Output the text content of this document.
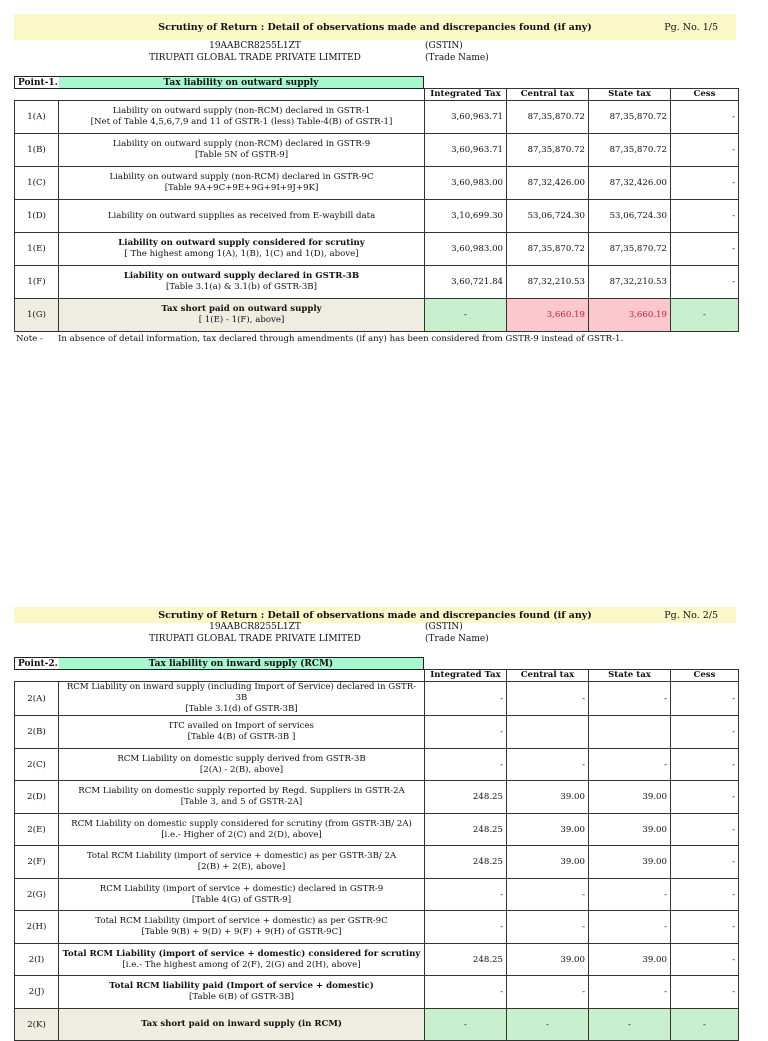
Scrutiny of Return : Detail of observations made and discrepancies found (if any)	Pg. No. 1/5
19AABCR8255L1ZT
TIRUPATI GLOBAL TRADE PRIVATE LIMITED
(GSTIN)
(Trade Name)
Point-1.	Tax liability on outward supply
		Integrated Tax	Central tax	State tax	Cess
1(A)	Liability on outward supply (non-RCM) declared in GSTR-1
[Net of Table 4,5,6,7,9 and 11 of GSTR-1 (less) Table-4(B) of GSTR-1]	3,60,963.71	87,35,870.72	87,35,870.72	-
1(B)	Liability on outward supply (non-RCM) declared in GSTR-9
[Table 5N of GSTR-9]	3,60,963.71	87,35,870.72	87,35,870.72	-
1(C)	Liability on outward supply (non-RCM) declared in GSTR-9C
[Table 9A+9C+9E+9G+9I+9J+9K]	3,60,983.00	87,32,426.00	87,32,426.00	-
1(D)	Liability on outward supplies as received from E-waybill data	3,10,699.30	53,06,724.30	53,06,724.30	-
1(E)	Liability on outward supply considered for scrutiny
[ The highest among 1(A), 1(B), 1(C) and 1(D), above]	3,60,983.00	87,35,870.72	87,35,870.72	-
1(F)	Liability on outward supply declared in GSTR-3B
[Table 3.1(a) & 3.1(b) of GSTR-3B]	3,60,721.84	87,32,210.53	87,32,210.53	-
1(G)	Tax short paid on outward supply
[ 1(E) - 1(F), above]	-	3,660.19	3,660.19	-
Note - In absence of detail information, tax declared through amendments (if any) has been considered from GSTR-9 instead of GSTR-1.
Scrutiny of Return : Detail of observations made and discrepancies found (if any)	Pg. No. 2/5
19AABCR8255L1ZT
TIRUPATI GLOBAL TRADE PRIVATE LIMITED
(GSTIN)
(Trade Name)
Point-2.	Tax liability on inward supply (RCM)
		Integrated Tax	Central tax	State tax	Cess
2(A)	RCM Liability on inward supply (including Import of Service) declared in GSTR-3B
[Table 3.1(d) of GSTR-3B]	-	-	-	-
2(B)	ITC availed on Import of services
[Table 4(B) of GSTR-3B ]	-			-
2(C)	RCM Liability on domestic supply derived from GSTR-3B
[2(A) - 2(B), above]	-	-	-	-
2(D)	RCM Liability on domestic supply reported by Regd. Suppliers in GSTR-2A
[Table 3, and 5 of GSTR-2A]	248.25	39.00	39.00	-
2(E)	RCM Liability on domestic supply considered for scrutiny (from GSTR-3B/ 2A)
[i.e.- Higher of 2(C) and 2(D), above]	248.25	39.00	39.00	-
2(F)	Total RCM Liability (import of service + domestic) as per GSTR-3B/ 2A
[2(B) + 2(E), above]	248.25	39.00	39.00	-
2(G)	RCM Liability (import of service + domestic) declared in GSTR-9
[Table 4(G) of GSTR-9]	-	-	-	-
2(H)	Total RCM Liability (import of service + domestic) as per GSTR-9C
[Table 9(B) + 9(D) + 9(F) + 9(H) of GSTR-9C]	-	-	-	-
2(I)	Total RCM Liability (import of service + domestic) considered for scrutiny
[i.e.- The highest among of 2(F), 2(G) and 2(H), above]	248.25	39.00	39.00	-
2(J)	Total RCM liability paid (Import of service + domestic)
[Table 6(B) of GSTR-3B]	-	-	-	-
2(K)	Tax short paid on inward supply (in RCM)	-	-	-	-
